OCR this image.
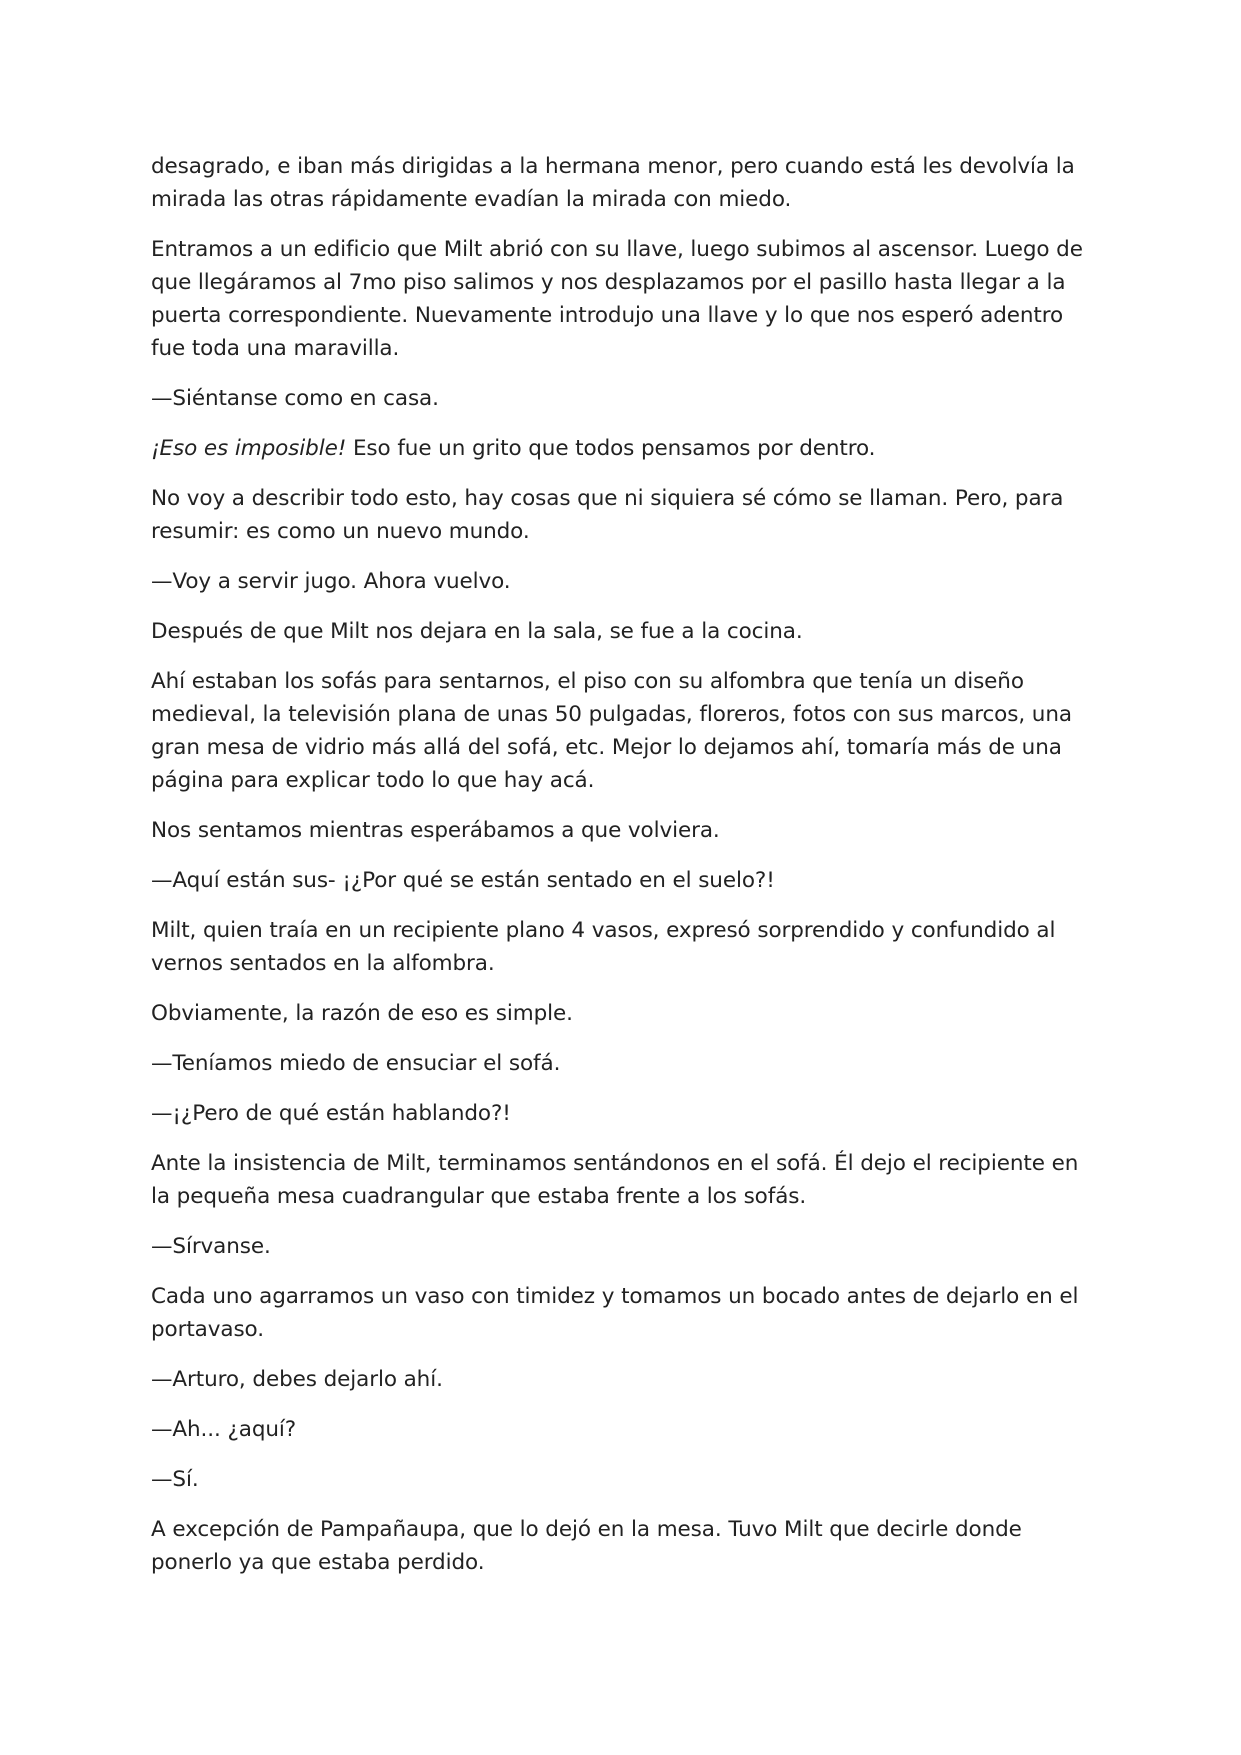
desagrado, e iban más dirigidas a la hermana menor, pero cuando está les devolvía la mirada las otras rápidamente evadían la mirada con miedo.

Entramos a un edificio que Milt abrió con su llave, luego subimos al ascensor. Luego de que llegáramos al 7mo piso salimos y nos desplazamos por el pasillo hasta llegar a la puerta correspondiente. Nuevamente introdujo una llave y lo que nos esperó adentro fue toda una maravilla.

—Siéntanse como en casa.

¡Eso es imposible! Eso fue un grito que todos pensamos por dentro.

No voy a describir todo esto, hay cosas que ni siquiera sé cómo se llaman. Pero, para resumir: es como un nuevo mundo.

—Voy a servir jugo. Ahora vuelvo.

Después de que Milt nos dejara en la sala, se fue a la cocina.

Ahí estaban los sofás para sentarnos, el piso con su alfombra que tenía un diseño medieval, la televisión plana de unas 50 pulgadas, floreros, fotos con sus marcos, una gran mesa de vidrio más allá del sofá, etc. Mejor lo dejamos ahí, tomaría más de una página para explicar todo lo que hay acá.

Nos sentamos mientras esperábamos a que volviera.

—Aquí están sus- ¡¿Por qué se están sentado en el suelo?!

Milt, quien traía en un recipiente plano 4 vasos, expresó sorprendido y confundido al vernos sentados en la alfombra.

Obviamente, la razón de eso es simple.

—Teníamos miedo de ensuciar el sofá.

—¡¿Pero de qué están hablando?!

Ante la insistencia de Milt, terminamos sentándonos en el sofá. Él dejo el recipiente en la pequeña mesa cuadrangular que estaba frente a los sofás.

—Sírvanse.

Cada uno agarramos un vaso con timidez y tomamos un bocado antes de dejarlo en el portavaso.

—Arturo, debes dejarlo ahí.

—Ah... ¿aquí?

—Sí.

A excepción de Pampañaupa, que lo dejó en la mesa. Tuvo Milt que decirle donde ponerlo ya que estaba perdido.
